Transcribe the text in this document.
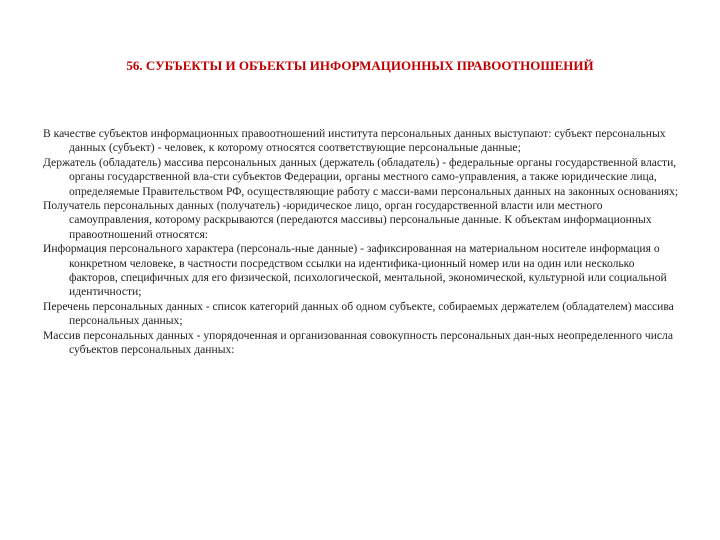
56. СУБЪЕКТЫ И ОБЪЕКТЫ ИНФОРМАЦИОННЫХ ПРАВООТНОШЕНИЙ

В качестве субъектов информационных правоотношений института персональных данных выступают: субъект персональных данных (субъект) - человек, к которому относятся соответствующие персональные данные;

Держатель (обладатель) массива персональных данных (держатель (обладатель) - федеральные органы государственной власти, органы государственной вла-сти субъектов Федерации, органы местного само-управления, а также юридические лица, определяемые Правительством РФ, осуществляющие работу с масси-вами персональных данных на законных основаниях;

Получатель персональных данных (получатель) -юридическое лицо, орган государственной власти или местного самоуправления, которому раскрываются (передаются массивы) персональные данные. К объектам информационных правоотношений относятся:

Информация персонального характера (персональ-ные данные) - зафиксированная на материальном носителе информация о конкретном человеке, в частности посредством ссылки на идентифика-ционный номер или на один или несколько факторов, специфичных для его физической, психологической, ментальной, экономической, культурной или социальной идентичности;

Перечень персональных данных - список категорий данных об одном субъекте, собираемых держателем (обладателем) массива персональных данных;

Массив персональных данных - упорядоченная и организованная совокупность персональных дан-ных неопределенного числа субъектов персональных данных:
